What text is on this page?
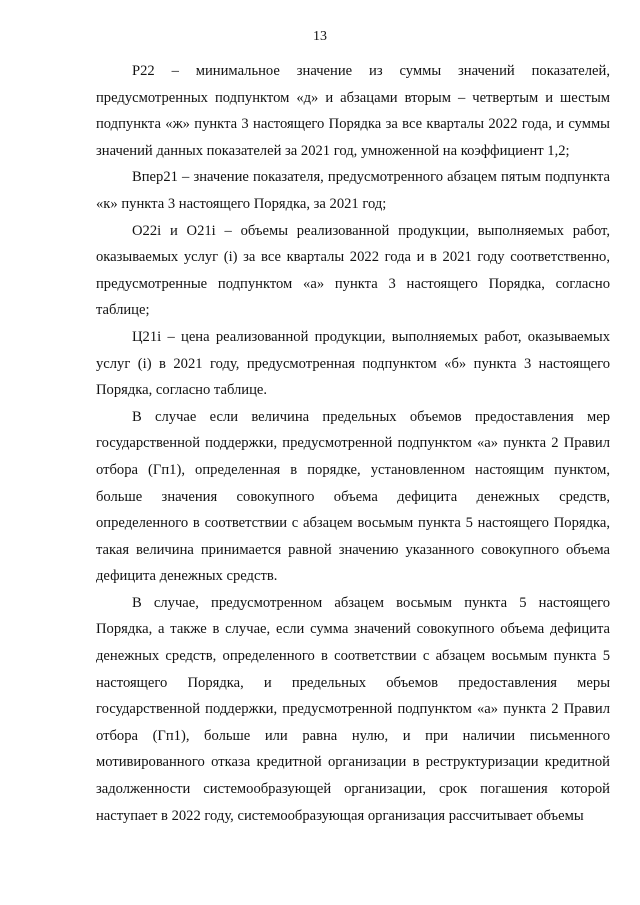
13

Р22 – минимальное значение из суммы значений показателей, предусмотренных подпунктом «д» и абзацами вторым – четвертым и шестым подпункта «ж» пункта 3 настоящего Порядка за все кварталы 2022 года, и суммы значений данных показателей за 2021 год, умноженной на коэффициент 1,2;

Впер21 – значение показателя, предусмотренного абзацем пятым подпункта «к» пункта 3 настоящего Порядка, за 2021 год;

О22i и О21i – объемы реализованной продукции, выполняемых работ, оказываемых услуг (i) за все кварталы 2022 года и в 2021 году соответственно, предусмотренные подпунктом «а» пункта 3 настоящего Порядка, согласно таблице;

Ц21i – цена реализованной продукции, выполняемых работ, оказываемых услуг (i) в 2021 году, предусмотренная подпунктом «б» пункта 3 настоящего Порядка, согласно таблице.

В случае если величина предельных объемов предоставления мер государственной поддержки, предусмотренной подпунктом «а» пункта 2 Правил отбора (Гп1), определенная в порядке, установленном настоящим пунктом, больше значения совокупного объема дефицита денежных средств, определенного в соответствии с абзацем восьмым пункта 5 настоящего Порядка, такая величина принимается равной значению указанного совокупного объема дефицита денежных средств.

В случае, предусмотренном абзацем восьмым пункта 5 настоящего Порядка, а также в случае, если сумма значений совокупного объема дефицита денежных средств, определенного в соответствии с абзацем восьмым пункта 5 настоящего Порядка, и предельных объемов предоставления меры государственной поддержки, предусмотренной подпунктом «а» пункта 2 Правил отбора (Гп1), больше или равна нулю, и при наличии письменного мотивированного отказа кредитной организации в реструктуризации кредитной задолженности системообразующей организации, срок погашения которой наступает в 2022 году, системообразующая организация рассчитывает объемы
